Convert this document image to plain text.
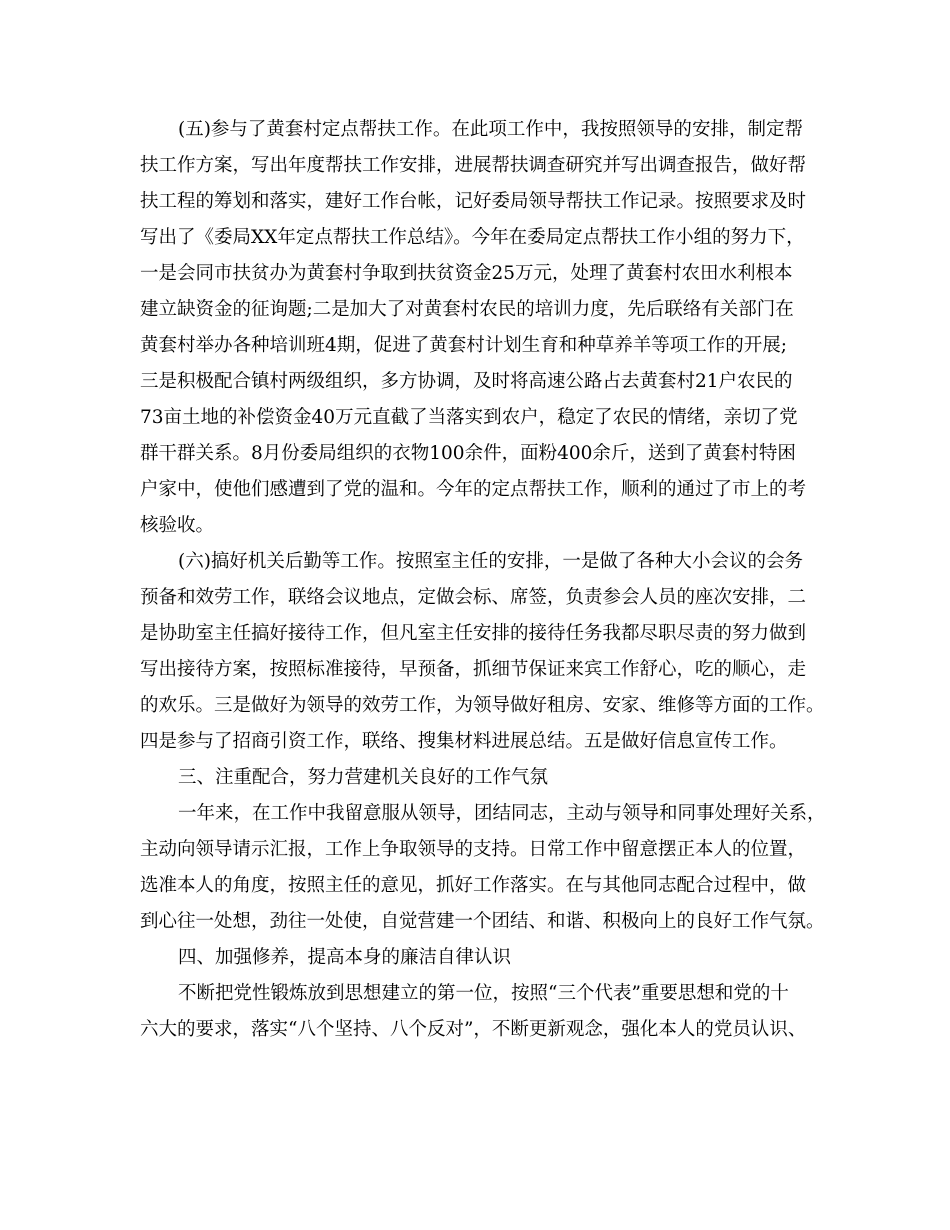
(五)参与了黄套村定点帮扶工作。在此项工作中，我按照领导的安排，制定帮

扶工作方案，写出年度帮扶工作安排，进展帮扶调查研究并写出调查报告，做好帮

扶工程的筹划和落实，建好工作台帐，记好委局领导帮扶工作记录。按照要求及时

写出了《委局XX年定点帮扶工作总结》。今年在委局定点帮扶工作小组的努力下，

一是会同市扶贫办为黄套村争取到扶贫资金25万元，处理了黄套村农田水利根本

建立缺资金的征询题;二是加大了对黄套村农民的培训力度，先后联络有关部门在

黄套村举办各种培训班4期，促进了黄套村计划生育和种草养羊等项工作的开展;

三是积极配合镇村两级组织，多方协调，及时将高速公路占去黄套村21户农民的

73亩土地的补偿资金40万元直截了当落实到农户，稳定了农民的情绪，亲切了党

群干群关系。8月份委局组织的衣物100余件，面粉400余斤，送到了黄套村特困

户家中，使他们感遭到了党的温和。今年的定点帮扶工作，顺利的通过了市上的考

核验收。

(六)搞好机关后勤等工作。按照室主任的安排，一是做了各种大小会议的会务

预备和效劳工作，联络会议地点，定做会标、席签，负责参会人员的座次安排，二

是协助室主任搞好接待工作，但凡室主任安排的接待任务我都尽职尽责的努力做到

写出接待方案，按照标准接待，早预备，抓细节保证来宾工作舒心，吃的顺心，走

的欢乐。三是做好为领导的效劳工作，为领导做好租房、安家、维修等方面的工作。

四是参与了招商引资工作，联络、搜集材料进展总结。五是做好信息宣传工作。

三、注重配合，努力营建机关良好的工作气氛

一年来，在工作中我留意服从领导，团结同志，主动与领导和同事处理好关系，

主动向领导请示汇报，工作上争取领导的支持。日常工作中留意摆正本人的位置，

选准本人的角度，按照主任的意见，抓好工作落实。在与其他同志配合过程中，做

到心往一处想，劲往一处使，自觉营建一个团结、和谐、积极向上的良好工作气氛。

四、加强修养，提高本身的廉洁自律认识

不断把党性锻炼放到思想建立的第一位，按照“三个代表”重要思想和党的十

六大的要求，落实“八个坚持、八个反对”，不断更新观念，强化本人的党员认识、
